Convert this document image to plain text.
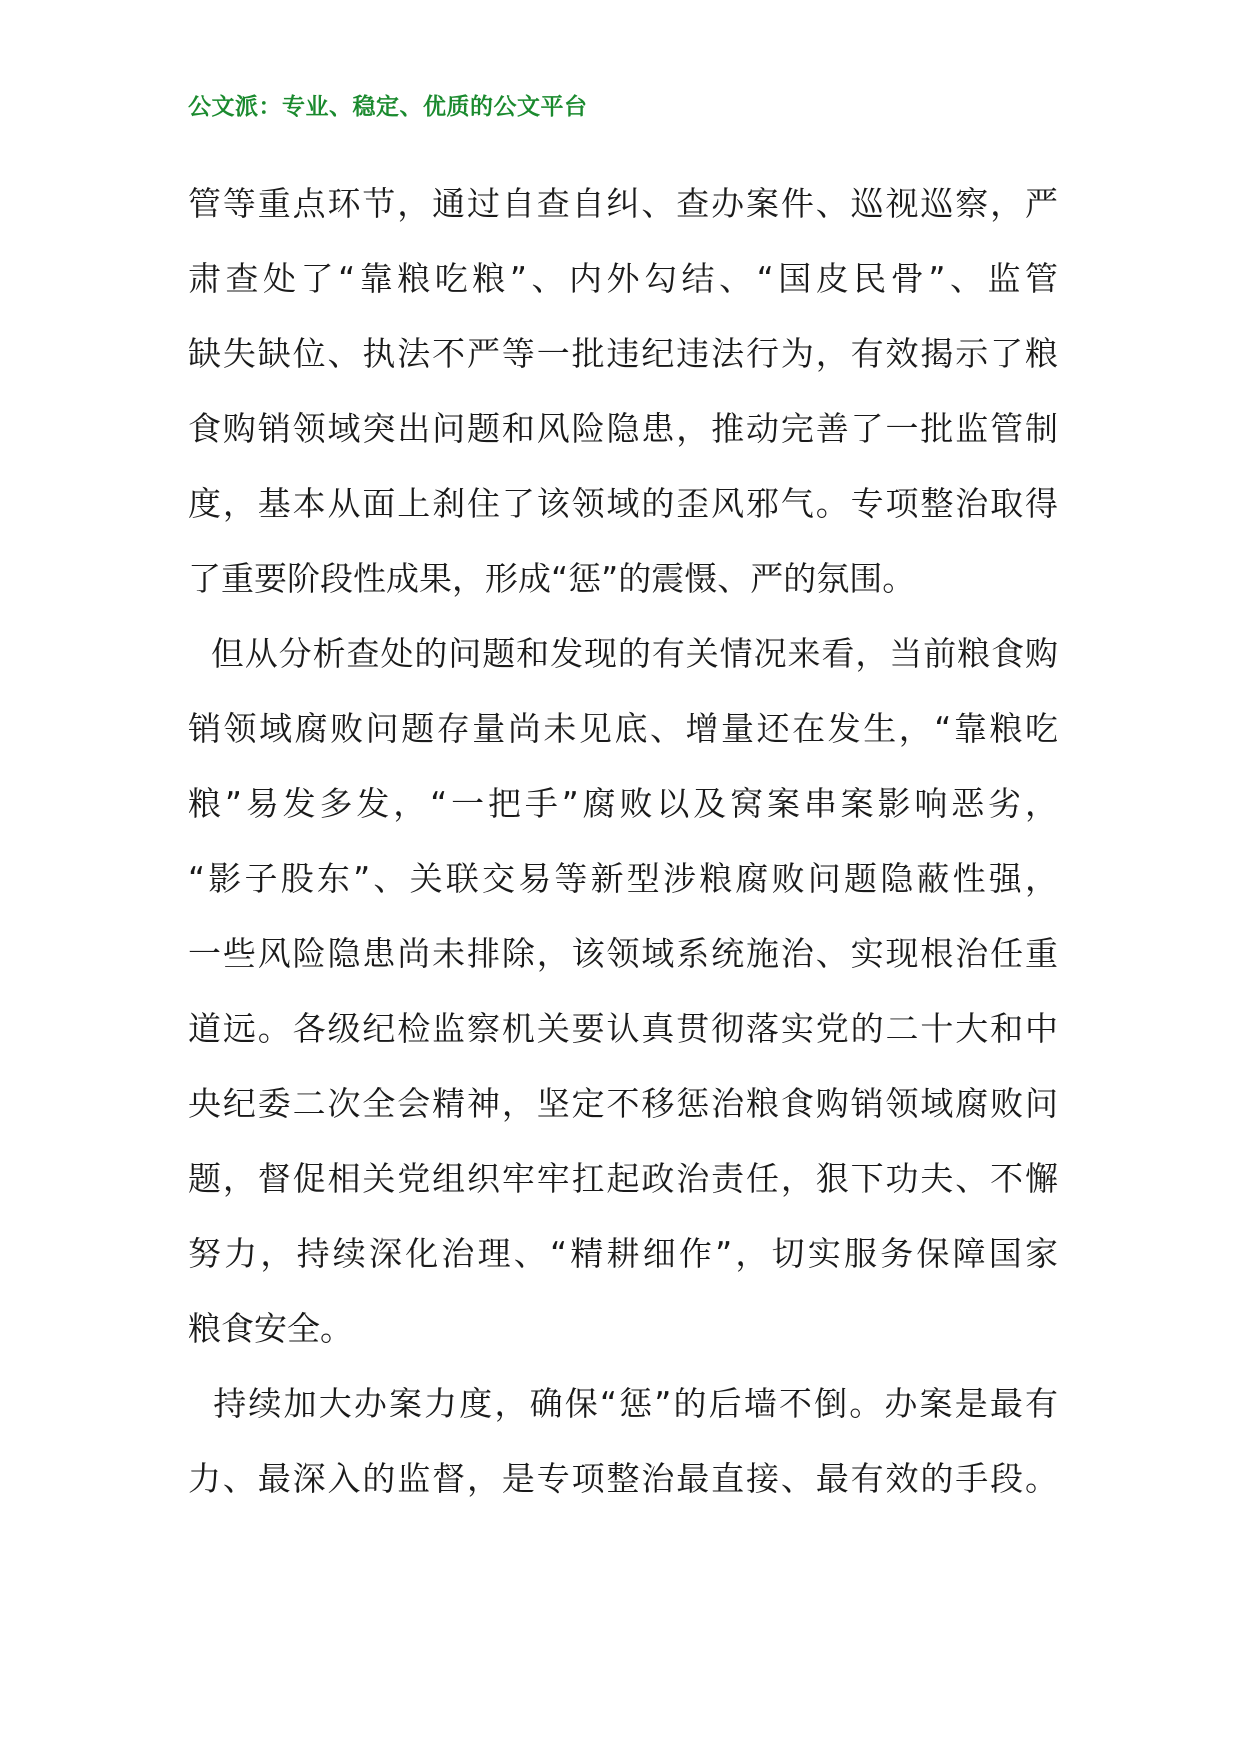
公文派：专业、稳定、优质的公文平台
管等重点环节，通过自查自纠、查办案件、巡视巡察，严
肃查处了“靠粮吃粮”、内外勾结、“国皮民骨”、监管
缺失缺位、执法不严等一批违纪违法行为，有效揭示了粮
食购销领域突出问题和风险隐患，推动完善了一批监管制
度，基本从面上刹住了该领域的歪风邪气。专项整治取得
了重要阶段性成果，形成“惩”的震慑、严的氛围。
但从分析查处的问题和发现的有关情况来看，当前粮食购
销领域腐败问题存量尚未见底、增量还在发生，“靠粮吃
粮”易发多发，“一把手”腐败以及窝案串案影响恶劣，
“影子股东”、关联交易等新型涉粮腐败问题隐蔽性强，
一些风险隐患尚未排除，该领域系统施治、实现根治任重
道远。各级纪检监察机关要认真贯彻落实党的二十大和中
央纪委二次全会精神，坚定不移惩治粮食购销领域腐败问
题，督促相关党组织牢牢扛起政治责任，狠下功夫、不懈
努力，持续深化治理、“精耕细作”，切实服务保障国家
粮食安全。
持续加大办案力度，确保“惩”的后墙不倒。办案是最有
力、最深入的监督，是专项整治最直接、最有效的手段。
